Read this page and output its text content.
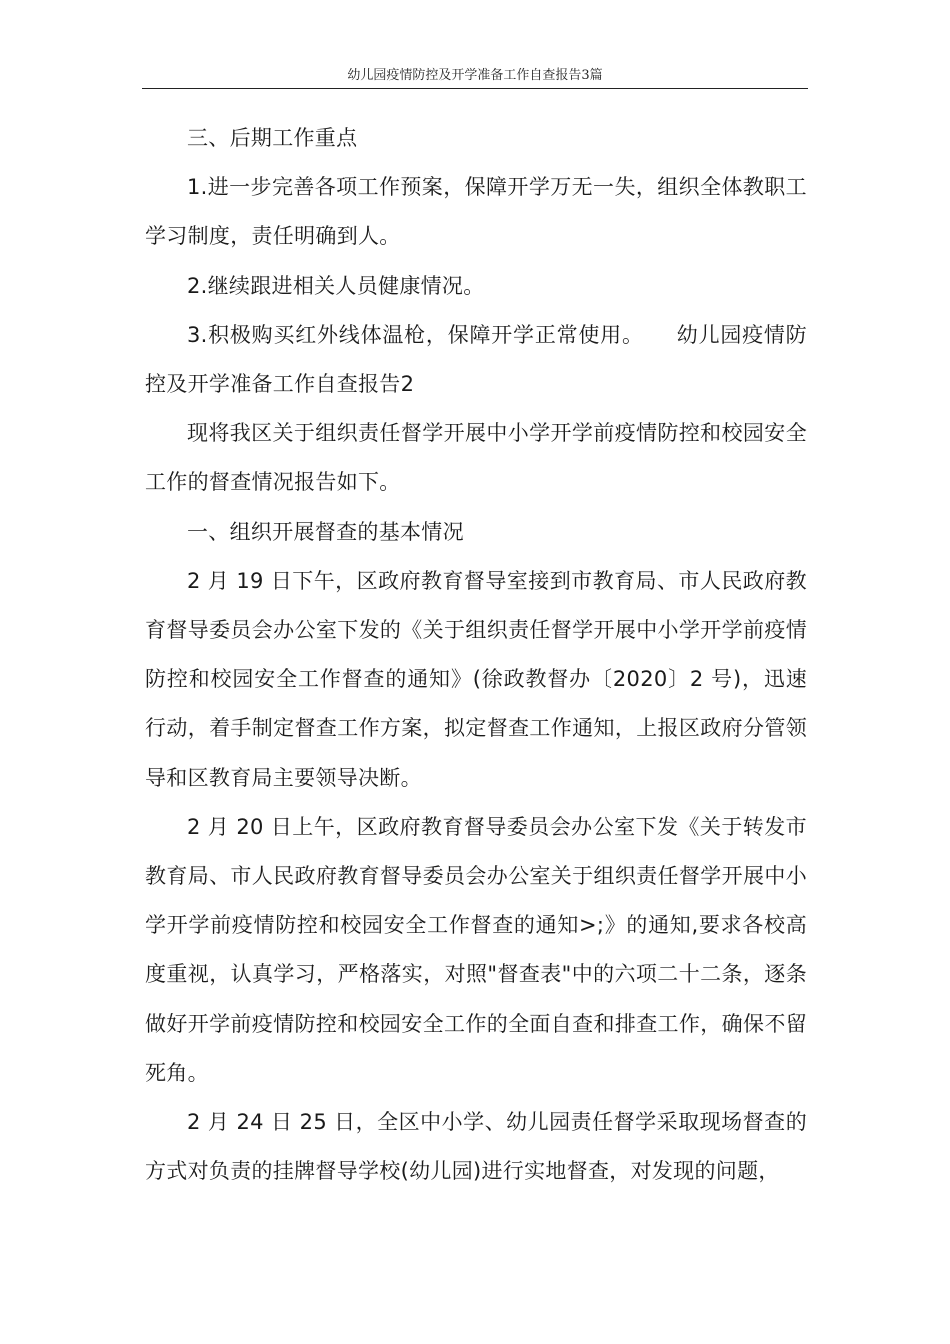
幼儿园疫情防控及开学准备工作自查报告3篇

三、后期工作重点

1.进一步完善各项工作预案，保障开学万无一失，组织全体教职工学习制度，责任明确到人。

2.继续跟进相关人员健康情况。

3.积极购买红外线体温枪，保障开学正常使用。　　幼儿园疫情防控及开学准备工作自查报告2

现将我区关于组织责任督学开展中小学开学前疫情防控和校园安全工作的督查情况报告如下。

一、组织开展督查的基本情况

2 月 19 日下午，区政府教育督导室接到市教育局、市人民政府教育督导委员会办公室下发的《关于组织责任督学开展中小学开学前疫情防控和校园安全工作督查的通知》(徐政教督办〔2020〕2 号)，迅速行动，着手制定督查工作方案，拟定督查工作通知，上报区政府分管领导和区教育局主要领导决断。

2 月 20 日上午，区政府教育督导委员会办公室下发《关于转发市教育局、市人民政府教育督导委员会办公室关于组织责任督学开展中小学开学前疫情防控和校园安全工作督查的通知>;》的通知,要求各校高度重视，认真学习，严格落实，对照"督查表"中的六项二十二条，逐条做好开学前疫情防控和校园安全工作的全面自查和排查工作，确保不留死角。

2 月 24 日 25 日，全区中小学、幼儿园责任督学采取现场督查的方式对负责的挂牌督导学校(幼儿园)进行实地督查，对发现的问题，
